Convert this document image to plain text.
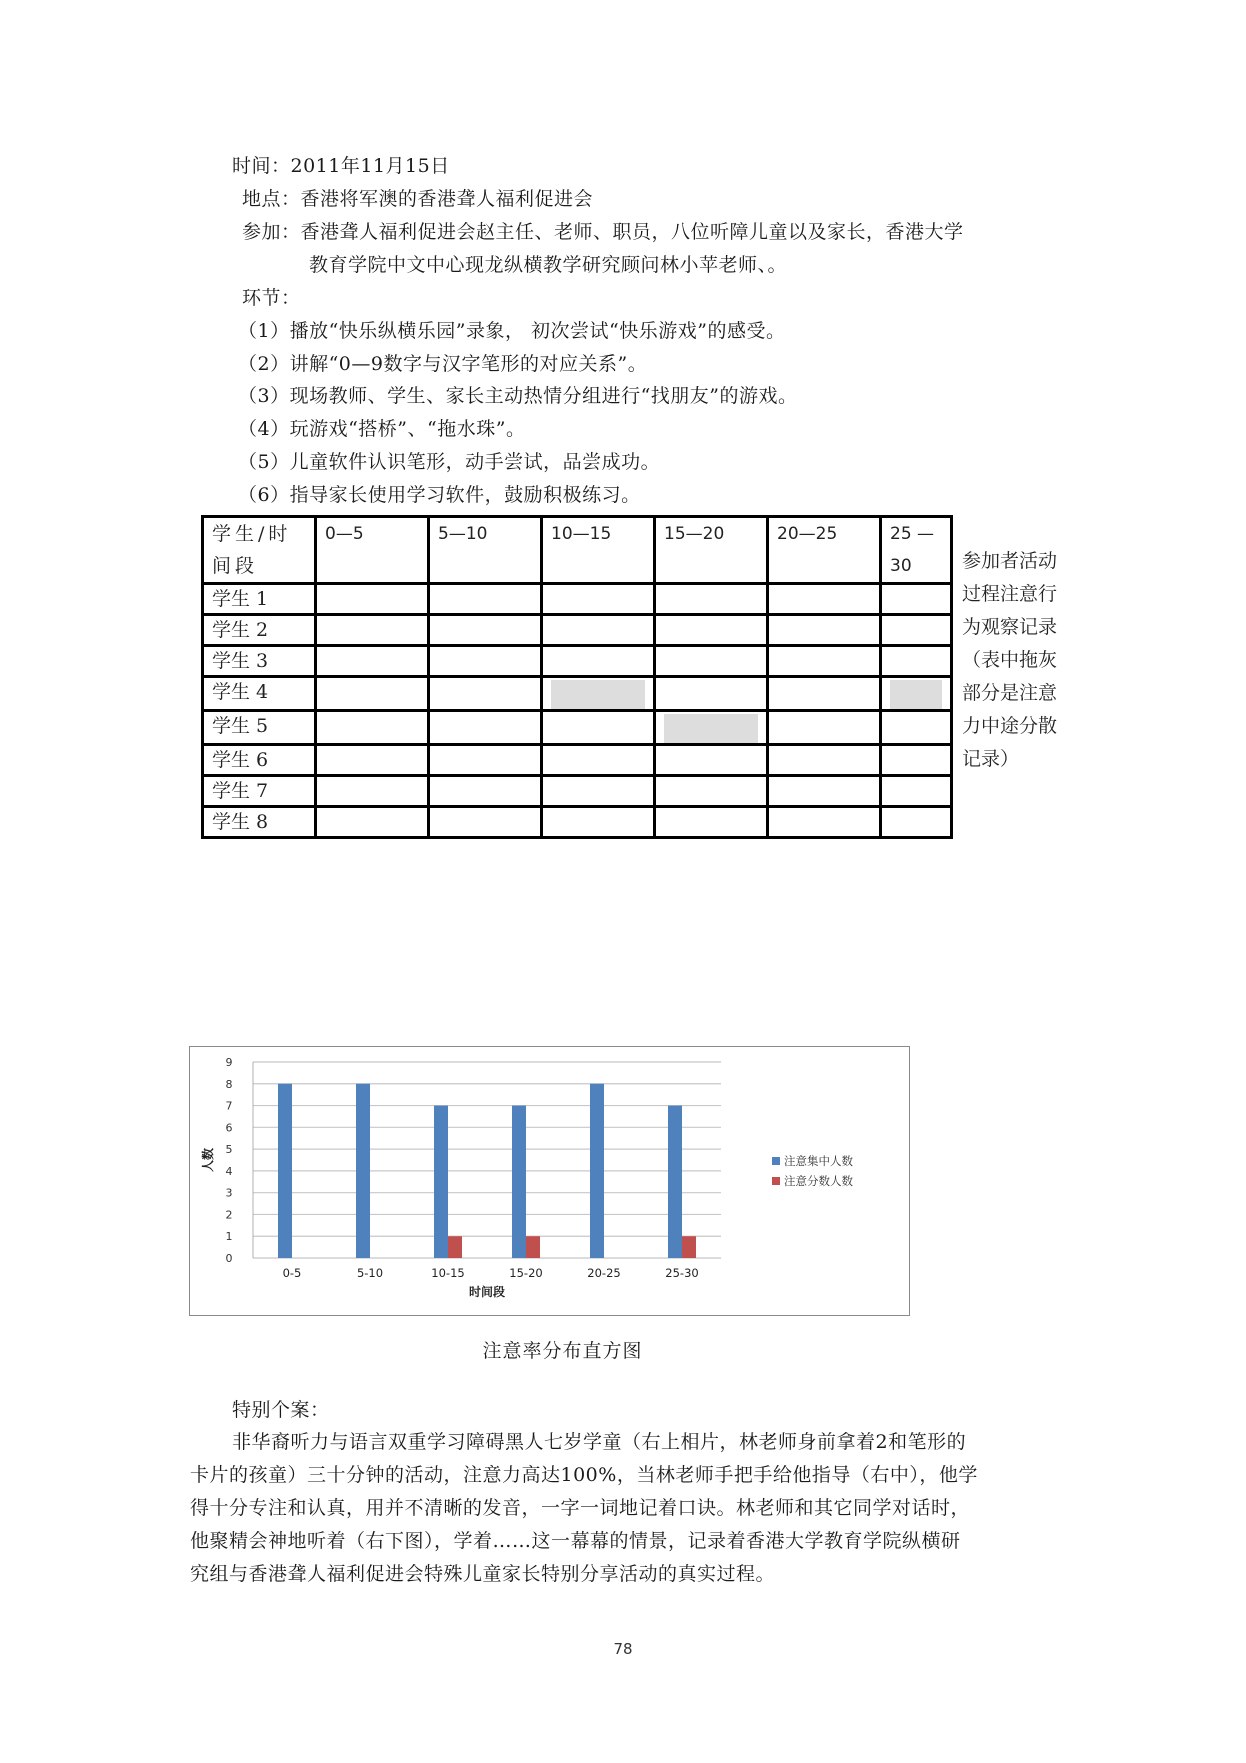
时间：2011年11月15日
地点：香港将军澳的香港聋人福利促进会
参加：香港聋人福利促进会赵主任、老师、职员，八位听障儿童以及家长，香港大学
教育学院中文中心现龙纵横教学研究顾问林小苹老师、。
环节：
（1）播放“快乐纵横乐园”录象， 初次尝试“快乐游戏”的感受。
（2）讲解“0—9数字与汉字笔形的对应关系”。
（3）现场教师、学生、家长主动热情分组进行“找朋友”的游戏。
（4）玩游戏“搭桥”、“拖水珠”。
（5）儿童软件认识笔形，动手尝试，品尝成功。
（6）指导家长使用学习软件，鼓励积极练习。
学生/时间段	0—5	5—10	10—15	15—20	20—25	25 — 30
学生 1						
学生 2						
学生 3						
学生 4			

学生 5				

学生 6						
学生 7						
学生 8						
参加者活动过程注意行为观察记录（表中拖灰部分是注意力中途分散记录）
0
1
2
3
4
5
6
7
8
9
0-5	5-10	10-15	15-20	20-25	25-30
时间段
人数	注意集中人数
注意分数人数
注意率分布直方图
特别个案：
非华裔听力与语言双重学习障碍黑人七岁学童（右上相片，林老师身前拿着2和笔形的
卡片的孩童）三十分钟的活动，注意力高达100%，当林老师手把手给他指导（右中），他学
得十分专注和认真，用并不清晰的发音，一字一词地记着口诀。林老师和其它同学对话时，
他聚精会神地听着（右下图），学着……这一幕幕的情景，记录着香港大学教育学院纵横研
究组与香港聋人福利促进会特殊儿童家长特别分享活动的真实过程。
78
